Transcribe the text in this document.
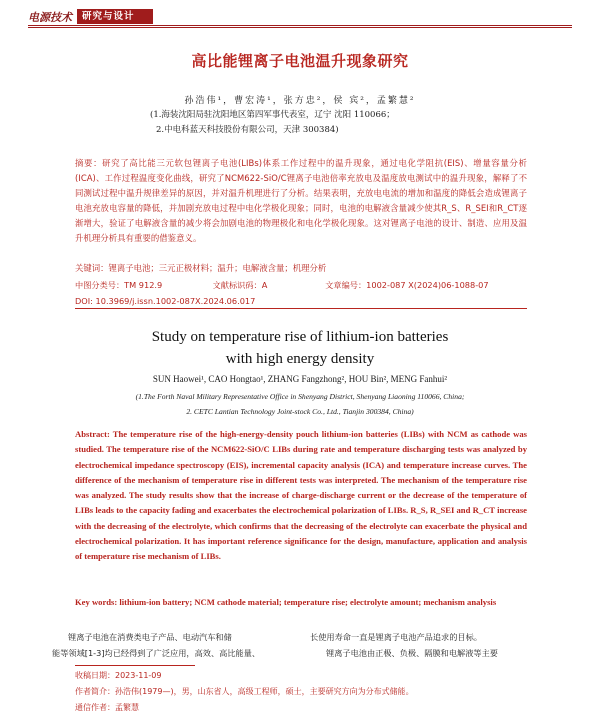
电源技术	研究与设计
高比能锂离子电池温升现象研究
孙浩伟¹，曹宏涛¹，张方忠²，侯 宾²，孟繁慧²
(1.海装沈阳局驻沈阳地区第四军事代表室，辽宁 沈阳 110066；
2.中电科蓝天科技股份有限公司，天津 300384)
摘要：研究了高比能三元软包锂离子电池(LIBs)体系工作过程中的温升现象，通过电化学阻抗(EIS)、增量容量分析(ICA)、工作过程温度变化曲线，研究了NCM622-SiO/C锂离子电池倍率充放电及温度放电测试中的温升现象，解释了不同测试过程中温升规律差异的原因，并对温升机理进行了分析。结果表明，充放电电流的增加和温度的降低会造成锂离子电池充放电容量的降低，并加剧充放电过程中电化学极化现象；同时，电池的电解液含量减少使其R_S、R_SEI和R_CT逐渐增大，验证了电解液含量的减少将会加剧电池的物理极化和电化学极化现象。这对锂离子电池的设计、制造、应用及温升机理分析具有重要的借鉴意义。
关键词：锂离子电池；三元正极材料；温升；电解液含量；机理分析
中图分类号：TM 912.9	文献标识码：A	文章编号：1002-087 X(2024)06-1088-07
DOI: 10.3969/j.issn.1002-087X.2024.06.017
Study on temperature rise of lithium-ion batteries
with high energy density
SUN Haowei¹, CAO Hongtao¹, ZHANG Fangzhong², HOU Bin², MENG Fanhui²
(1.The Forth Naval Military Representative Office in Shenyang District, Shenyang Liaoning 110066, China;
2. CETC Lantian Technology Joint-stock Co., Ltd., Tianjin 300384, China)
Abstract: The temperature rise of the high-energy-density pouch lithium-ion batteries (LIBs) with NCM as cathode was studied. The temperature rise of the NCM622-SiO/C LIBs during rate and temperature discharging tests was analyzed by electrochemical impedance spectroscopy (EIS), incremental capacity analysis (ICA) and temperature increase curves. The difference of the mechanism of temperature rise in different tests was interpreted. The mechanism of the temperature rise was analyzed. The study results show that the increase of charge-discharge current or the decrease of the temperature of LIBs leads to the capacity fading and exacerbates the electrochemical polarization of LIBs. R_S, R_SEI and R_CT increase with the decreasing of the electrolyte, which confirms that the decreasing of the electrolyte can exacerbate the physical and electrochemical polarization. It has important reference significance for the design, manufacture, application and analysis of temperature rise mechanism of LIBs.
Key words: lithium-ion battery; NCM cathode material; temperature rise; electrolyte amount; mechanism analysis
锂离子电池在消费类电子产品、电动汽车和储
能等领域[1-3]均已经得到了广泛应用，高效、高比能量、
长使用寿命一直是锂离子电池产品追求的目标。
锂离子电池由正极、负极、隔膜和电解液等主要
收稿日期：2023-11-09
作者简介：孙浩伟(1979—)，男，山东省人，高级工程师，硕士，主要研究方向为分布式储能。
通信作者：孟繁慧
